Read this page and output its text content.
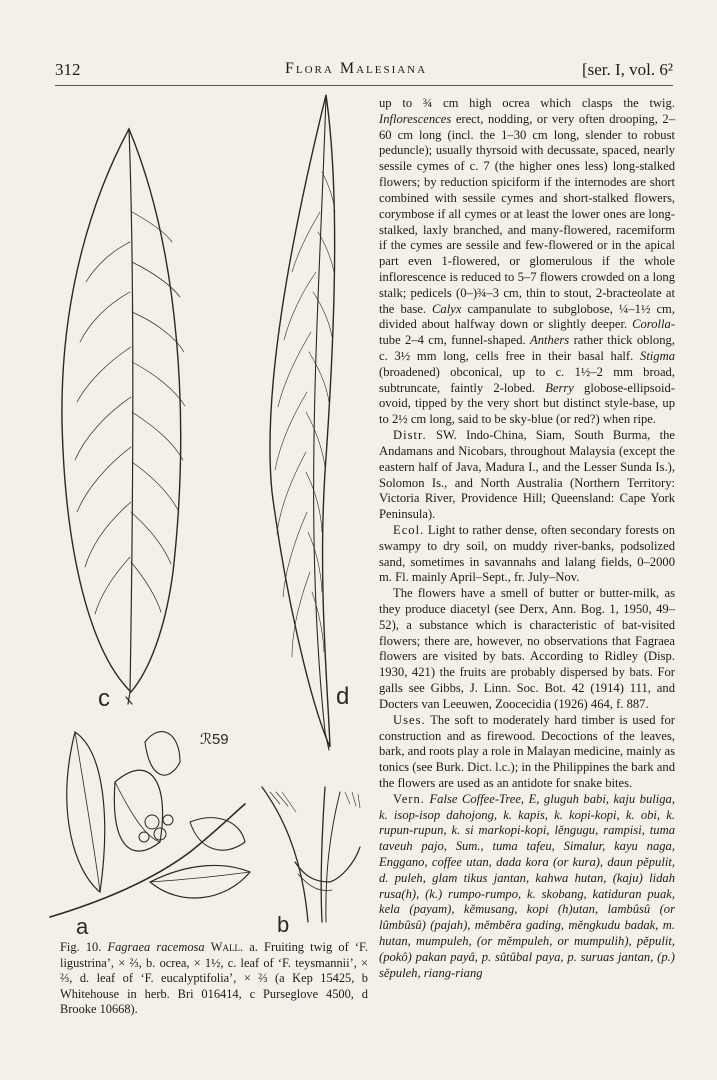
312	Flora Malesiana	[ser. I, vol. 6²
c	d
a	b
ℛ59

Fig. 10. Fagraea racemosa Wall. a. Fruiting twig of ‘F. ligustrina’, × ⅔, b. ocrea, × 1½, c. leaf of ‘F. teysmannii’, × ⅔, d. leaf of ‘F. eucalyptifolia’, × ⅔ (a Kep 15425, b Whitehouse in herb. Bri 016414, c Purseglove 4500, d Brooke 10668).

up to ¾ cm high ocrea which clasps the twig. Inflorescences erect, nodding, or very often drooping, 2–60 cm long (incl. the 1–30 cm long, slender to robust peduncle); usually thyrsoid with decussate, spaced, nearly sessile cymes of c. 7 (the higher ones less) long-stalked flowers; by reduction spiciform if the internodes are short combined with sessile cymes and short-stalked flowers, corymbose if all cymes or at least the lower ones are long-stalked, laxly branched, and many-flowered, racemiform if the cymes are sessile and few-flowered or in the apical part even 1-flowered, or glomerulous if the whole inflorescence is reduced to 5–7 flowers crowded on a long stalk; pedicels (0–)¾–3 cm, thin to stout, 2-bracteolate at the base. Calyx campanulate to subglobose, ¼–1½ cm, divided about halfway down or slightly deeper. Corolla-tube 2–4 cm, funnel-shaped. Anthers rather thick oblong, c. 3½ mm long, cells free in their basal half. Stigma (broadened) obconical, up to c. 1½–2 mm broad, subtruncate, faintly 2-lobed. Berry globose-ellipsoid-ovoid, tipped by the very short but distinct style-base, up to 2½ cm long, said to be sky-blue (or red?) when ripe.

Distr. SW. Indo-China, Siam, South Burma, the Andamans and Nicobars, throughout Malaysia (except the eastern half of Java, Madura I., and the Lesser Sunda Is.), Solomon Is., and North Australia (Northern Territory: Victoria River, Providence Hill; Queensland: Cape York Peninsula).

Ecol. Light to rather dense, often secondary forests on swampy to dry soil, on muddy river-banks, podsolized sand, sometimes in savannahs and lalang fields, 0–2000 m. Fl. mainly April–Sept., fr. July–Nov.

The flowers have a smell of butter or butter-milk, as they produce diacetyl (see Derx, Ann. Bog. 1, 1950, 49–52), a substance which is characteristic of bat-visited flowers; there are, however, no observations that Fagraea flowers are visited by bats. According to Ridley (Disp. 1930, 421) the fruits are probably dispersed by bats. For galls see Gibbs, J. Linn. Soc. Bot. 42 (1914) 111, and Docters van Leeuwen, Zoocecidia (1926) 464, f. 887.

Uses. The soft to moderately hard timber is used for construction and as firewood. Decoctions of the leaves, bark, and roots play a role in Malayan medicine, mainly as tonics (see Burk. Dict. l.c.); in the Philippines the bark and the flowers are used as an antidote for snake bites.

Vern. False Coffee-Tree, E, gluguh babi, kaju buliga, k. isop-isop dahojong, k. kapis, k. kopi-kopi, k. obi, k. rupun-rupun, k. si markopi-kopi, lěngugu, rampisi, tuma taveuh pajo, Sum., tuma tafeu, Simalur, kayu naga, Enggano, coffee utan, dada kora (or kura), daun pěpulit, d. puleh, glam tikus jantan, kahwa hutan, (kaju) lidah rusa(h), (k.) rumpo-rumpo, k. skobang, katiduran puak, kela (payam), kěmusang, kopi (h)utan, lambûsû (or lûmbûsû) (pajah), měmběra gading, měngkudu badak, m. hutan, mumpuleh, (or měmpuleh, or mumpulih), pěpulit, (pokô) pakan payâ, p. sûtûbal paya, p. suruas jantan, (p.) sěpuleh, riang-riang
